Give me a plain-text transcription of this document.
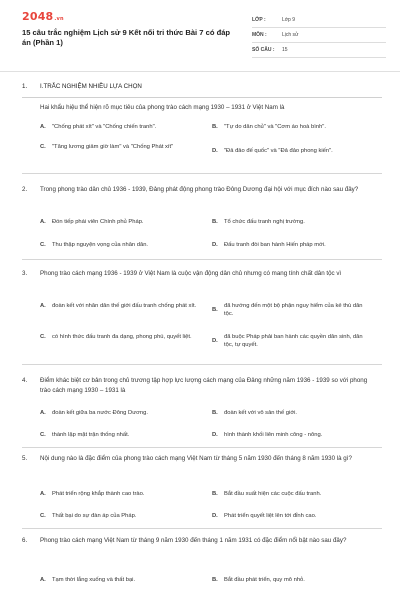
2048.vn
15 câu trắc nghiệm Lịch sử 9 Kết nối tri thức Bài 7 có đáp án (Phần 1)
LỚP :	Lớp 9
MÔN :	Lịch sử
SỐ CÂU :	15
1. I.TRẮC NGHIỆM NHIỀU LỰA CHỌN
Hai khẩu hiệu thể hiện rõ mục tiêu của phong trào cách mạng 1930 – 1931 ở Việt Nam là
A.	"Chống phát xít" và "Chống chiến tranh".	B.	"Tự do dân chủ" và "Cơm áo hoà bình".
C.	"Tăng lương giảm giờ làm" và "Chống Phát xít"
D.	"Đả đảo đế quốc" và "Đả đảo phong kiến".
2. Trong phong trào dân chủ 1936 - 1939, Đảng phát động phong trào Đông Dương đại hội với mục đích nào sau đây?
A.	Đón tiếp phái viên Chính phủ Pháp.	B.	Tổ chức đấu tranh nghị trường.
C.	Thu thập nguyện vọng của nhân dân.	D.	Đấu tranh đòi ban hành Hiến pháp mới.
3. Phong trào cách mạng 1936 - 1939 ở Việt Nam là cuộc vận động dân chủ nhưng có mang tính chất dân tộc vì
A.	đoàn kết với nhân dân thế giới đấu tranh chống phát xít.
B.
đã hướng đến một bộ phận nguy hiểm của kẻ thù dân tộc.
C.	có hình thức đấu tranh đa dạng, phong phú, quyết liệt.
D.
đã buộc Pháp phải ban hành các quyền dân sinh, dân tộc, tự quyết.
4. Điểm khác biệt cơ bản trong chủ trương tập hợp lực lượng cách mạng của Đảng những năm 1936 - 1939 so với phong trào cách mạng 1930 – 1931 là
A.	đoàn kết giữa ba nước Đông Dương.	B.	đoàn kết với vô sản thế giới.
C.	thành lập mặt trận thống nhất.	D.	hình thành khối liên minh công - nông.
5. Nội dung nào là đặc điểm của phong trào cách mạng Việt Nam từ tháng 5 năm 1930 đến tháng 8 năm 1930 là gì?
A.	Phát triển rộng khắp thành cao trào.	B.	Bắt đầu xuất hiện các cuộc đấu tranh.
C.	Thất bại do sự đàn áp của Pháp.	D.	Phát triển quyết liệt lên tới đỉnh cao.
6. Phong trào cách mạng Việt Nam từ tháng 9 năm 1930 đến tháng 1 năm 1931 có đặc điểm nổi bật nào sau đây?
A.	Tạm thời lắng xuống và thất bại.	B.	Bắt đầu phát triển, quy mô nhỏ.
